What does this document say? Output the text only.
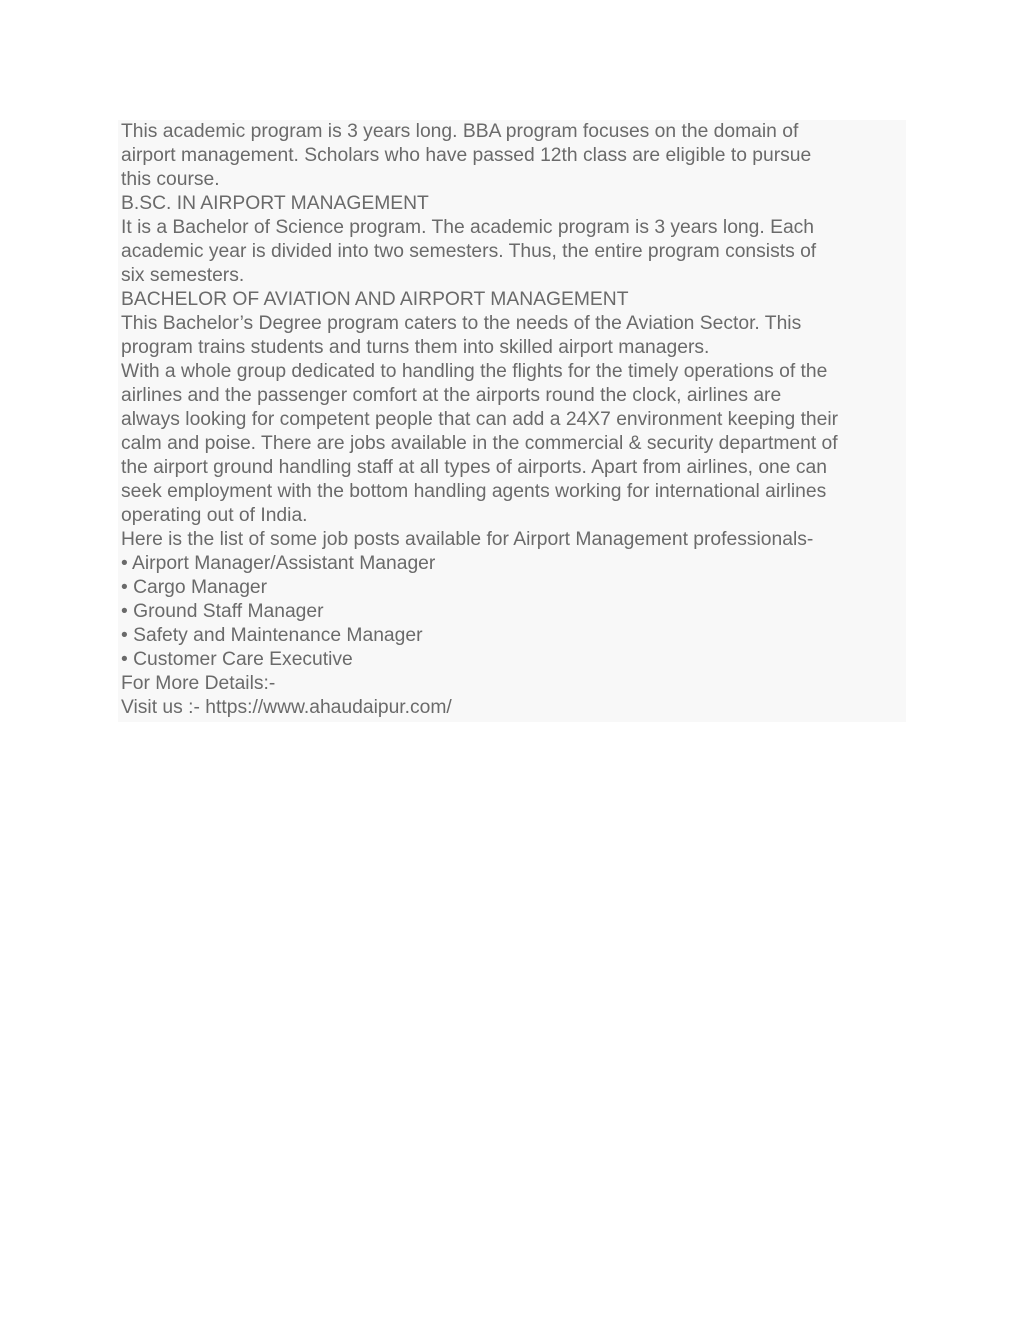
This academic program is 3 years long. BBA program focuses on the domain of
airport management. Scholars who have passed 12th class are eligible to pursue
this course.

B.SC. IN AIRPORT MANAGEMENT

It is a Bachelor of Science program. The academic program is 3 years long. Each
academic year is divided into two semesters. Thus, the entire program consists of
six semesters.

BACHELOR OF AVIATION AND AIRPORT MANAGEMENT

This Bachelor’s Degree program caters to the needs of the Aviation Sector. This
program trains students and turns them into skilled airport managers.

With a whole group dedicated to handling the flights for the timely operations of the
airlines and the passenger comfort at the airports round the clock, airlines are
always looking for competent people that can add a 24X7 environment keeping their
calm and poise. There are jobs available in the commercial & security department of
the airport ground handling staff at all types of airports. Apart from airlines, one can
seek employment with the bottom handling agents working for international airlines
operating out of India.

Here is the list of some job posts available for Airport Management professionals-

• Airport Manager/Assistant Manager
• Cargo Manager
• Ground Staff Manager
• Safety and Maintenance Manager
• Customer Care Executive

For More Details:-

Visit us :- https://www.ahaudaipur.com/
